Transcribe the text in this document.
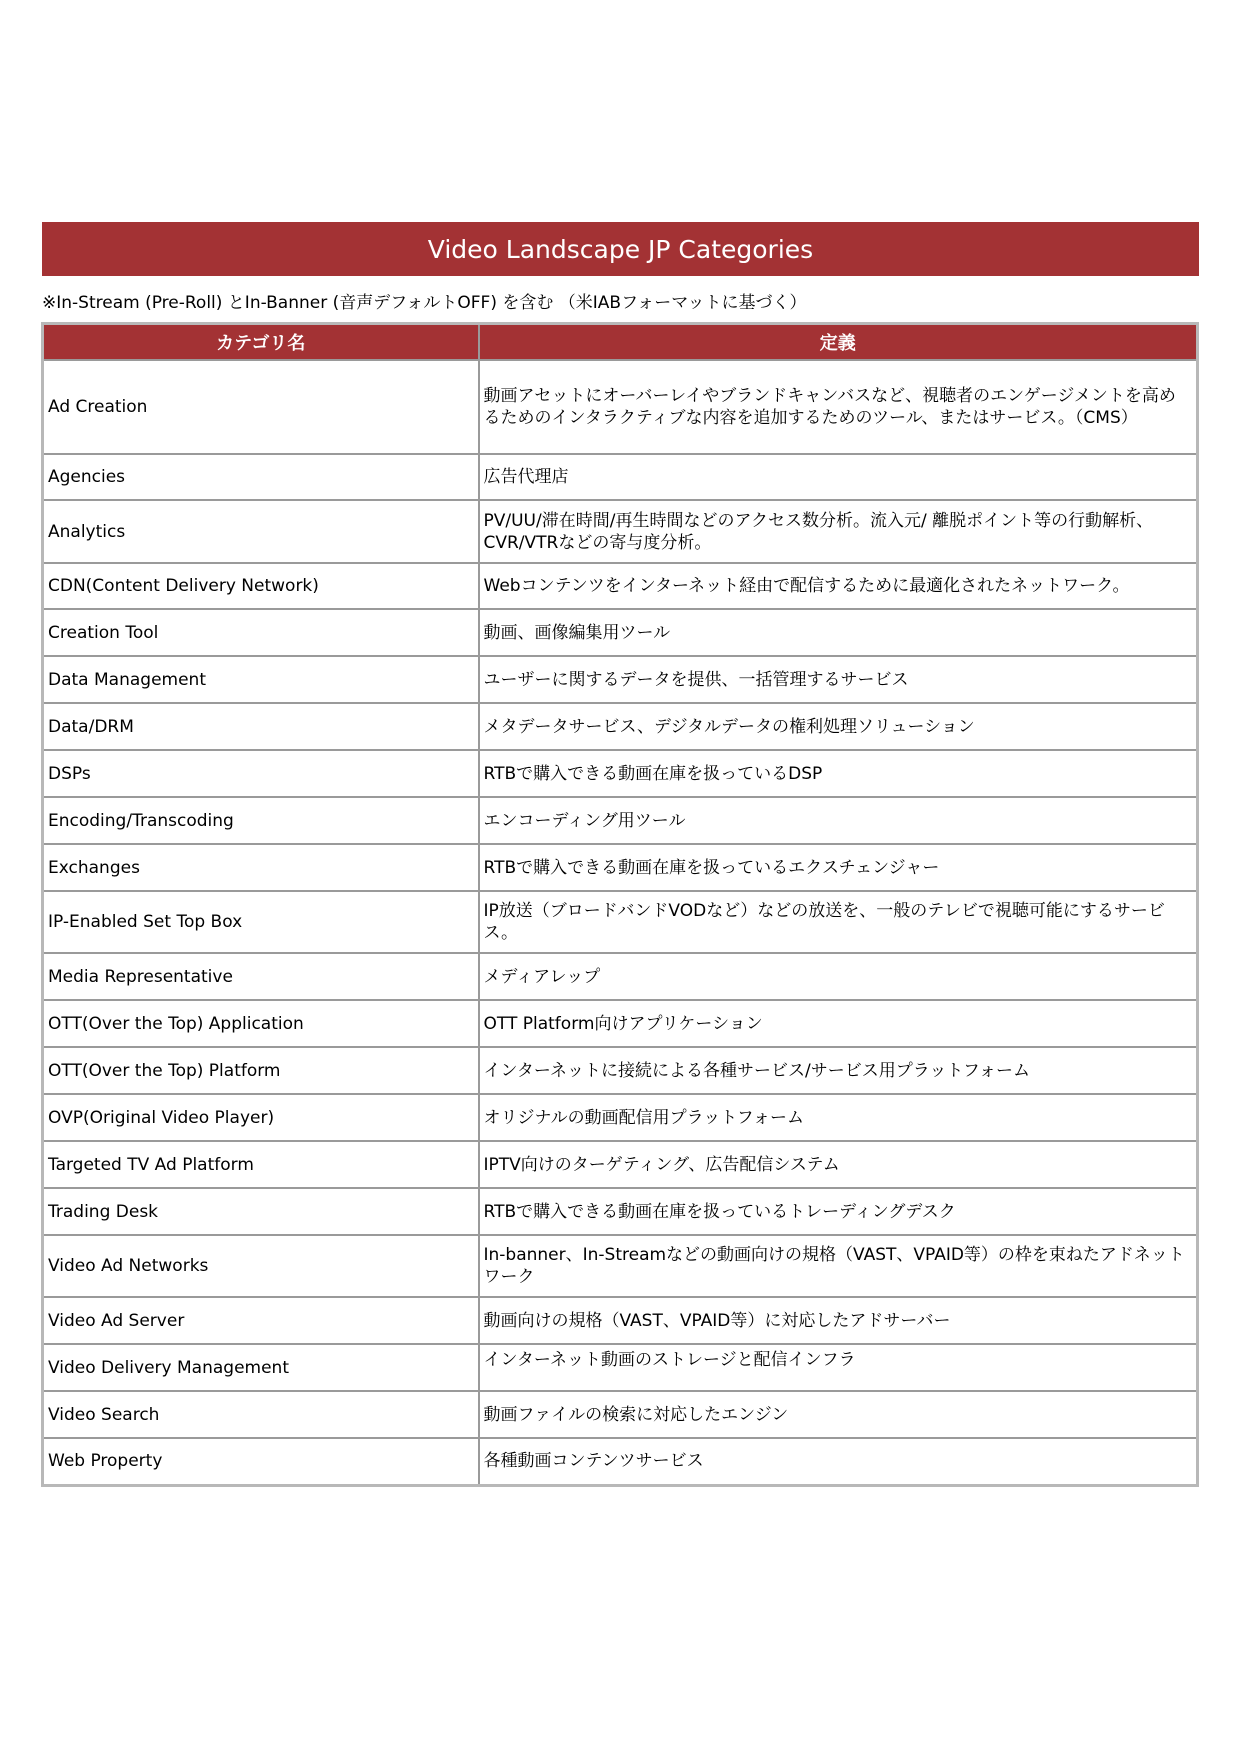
Video Landscape JP Categories
※In-Stream (Pre-Roll) とIn-Banner (音声デフォルトOFF) を含む （米IABフォーマットに基づく）
カテゴリ名	定義
Ad Creation	動画アセットにオーバーレイやブランドキャンバスなど、視聴者のエンゲージメントを高めるためのインタラクティブな内容を追加するためのツール、またはサービス。（CMS）
Agencies	広告代理店
Analytics	PV/UU/滞在時間/再生時間などのアクセス数分析。流入元/ 離脱ポイント等の行動解析、CVR/VTRなどの寄与度分析。
CDN(Content Delivery Network)	Webコンテンツをインターネット経由で配信するために最適化されたネットワーク。
Creation Tool	動画、画像編集用ツール
Data Management	ユーザーに関するデータを提供、一括管理するサービス
Data/DRM	メタデータサービス、デジタルデータの権利処理ソリューション
DSPs	RTBで購入できる動画在庫を扱っているDSP
Encoding/Transcoding	エンコーディング用ツール
Exchanges	RTBで購入できる動画在庫を扱っているエクスチェンジャー
IP-Enabled Set Top Box	IP放送（ブロードバンドVODなど）などの放送を、一般のテレビで視聴可能にするサービス。
Media Representative	メディアレップ
OTT(Over the Top) Application	OTT Platform向けアプリケーション
OTT(Over the Top) Platform	インターネットに接続による各種サービス/サービス用プラットフォーム
OVP(Original Video Player)	オリジナルの動画配信用プラットフォーム
Targeted TV Ad Platform	IPTV向けのターゲティング、広告配信システム
Trading Desk	RTBで購入できる動画在庫を扱っているトレーディングデスク
Video Ad Networks	In-banner、In-Streamなどの動画向けの規格（VAST、VPAID等）の枠を束ねたアドネットワーク
Video Ad Server	動画向けの規格（VAST、VPAID等）に対応したアドサーバー
Video Delivery Management	インターネット動画のストレージと配信インフラ
Video Search	動画ファイルの検索に対応したエンジン
Web Property	各種動画コンテンツサービス
